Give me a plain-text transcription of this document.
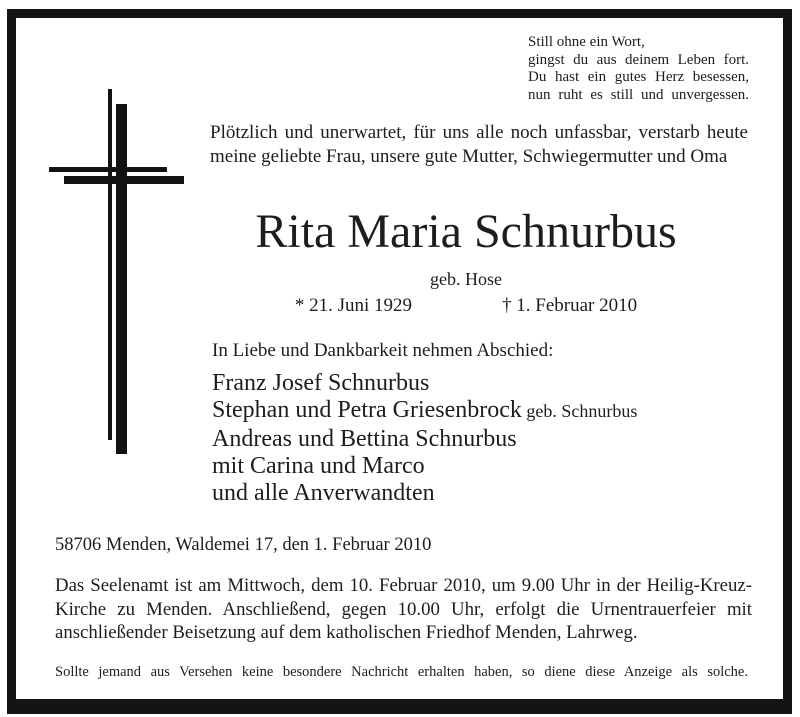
Still ohne ein Wort,
gingst du aus deinem Leben fort.
Du hast ein gutes Herz besessen,
nun ruht es still und unvergessen.
Plötzlich und unerwartet, für uns alle noch unfassbar, verstarb heute meine geliebte Frau, unsere gute Mutter, Schwiegermutter und Oma
Rita Maria Schnurbus
geb. Hose
* 21. Juni 1929	† 1. Februar 2010
In Liebe und Dankbarkeit nehmen Abschied:
Franz Josef Schnurbus
Stephan und Petra Griesenbrock geb. Schnurbus
Andreas und Bettina Schnurbus
mit Carina und Marco
und alle Anverwandten
58706 Menden, Waldemei 17, den 1. Februar 2010
Das Seelenamt ist am Mittwoch, dem 10. Februar 2010, um 9.00 Uhr in der Heilig-Kreuz-Kirche zu Menden. Anschließend, gegen 10.00 Uhr, erfolgt die Urnentrauerfeier mit anschließender Beisetzung auf dem katholischen Friedhof Menden, Lahrweg.
Sollte jemand aus Versehen keine besondere Nachricht erhalten haben, so diene diese Anzeige als solche.
